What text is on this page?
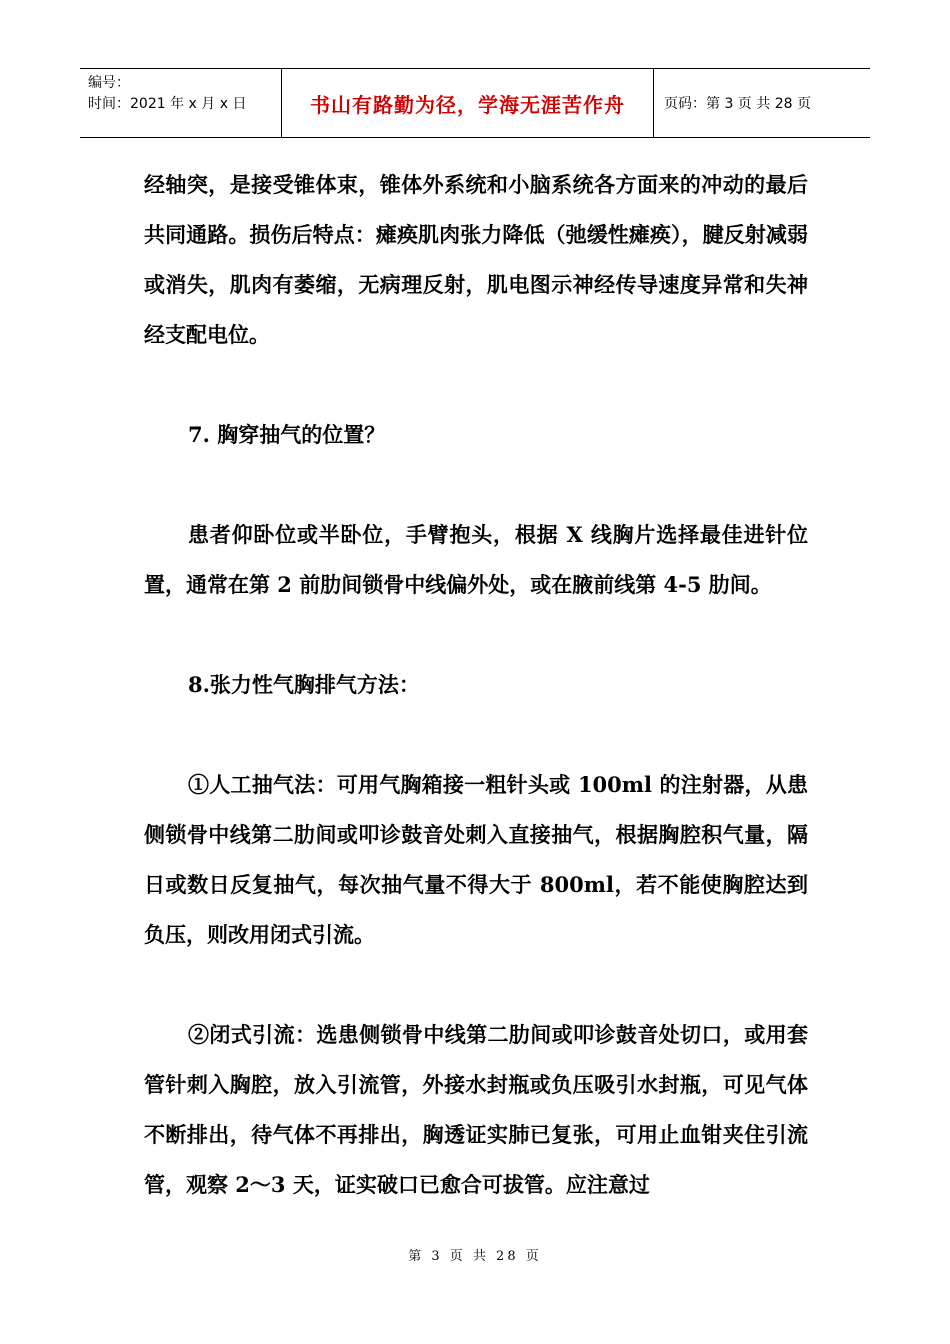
编号：
时间：2021 年 x 月 x 日	书山有路勤为径，学海无涯苦作舟	页码：第 3 页 共 28 页

经轴突，是接受锥体束，锥体外系统和小脑系统各方面来的冲动的最后共同通路。损伤后特点：瘫痪肌肉张力降低（弛缓性瘫痪），腱反射减弱或消失，肌肉有萎缩，无病理反射，肌电图示神经传导速度异常和失神经支配电位。

7. 胸穿抽气的位置？

患者仰卧位或半卧位，手臂抱头，根据 X 线胸片选择最佳进针位置，通常在第 2 前肋间锁骨中线偏外处，或在腋前线第 4-5 肋间。

8.张力性气胸排气方法：

①人工抽气法：可用气胸箱接一粗针头或 100ml 的注射器，从患侧锁骨中线第二肋间或叩诊鼓音处刺入直接抽气，根据胸腔积气量，隔日或数日反复抽气，每次抽气量不得大于 800ml，若不能使胸腔达到负压，则改用闭式引流。

②闭式引流：选患侧锁骨中线第二肋间或叩诊鼓音处切口，或用套管针刺入胸腔，放入引流管，外接水封瓶或负压吸引水封瓶，可见气体不断排出，待气体不再排出，胸透证实肺已复张，可用止血钳夹住引流管，观察 2～3 天，证实破口已愈合可拔管。应注意过

第 3 页 共 28 页
